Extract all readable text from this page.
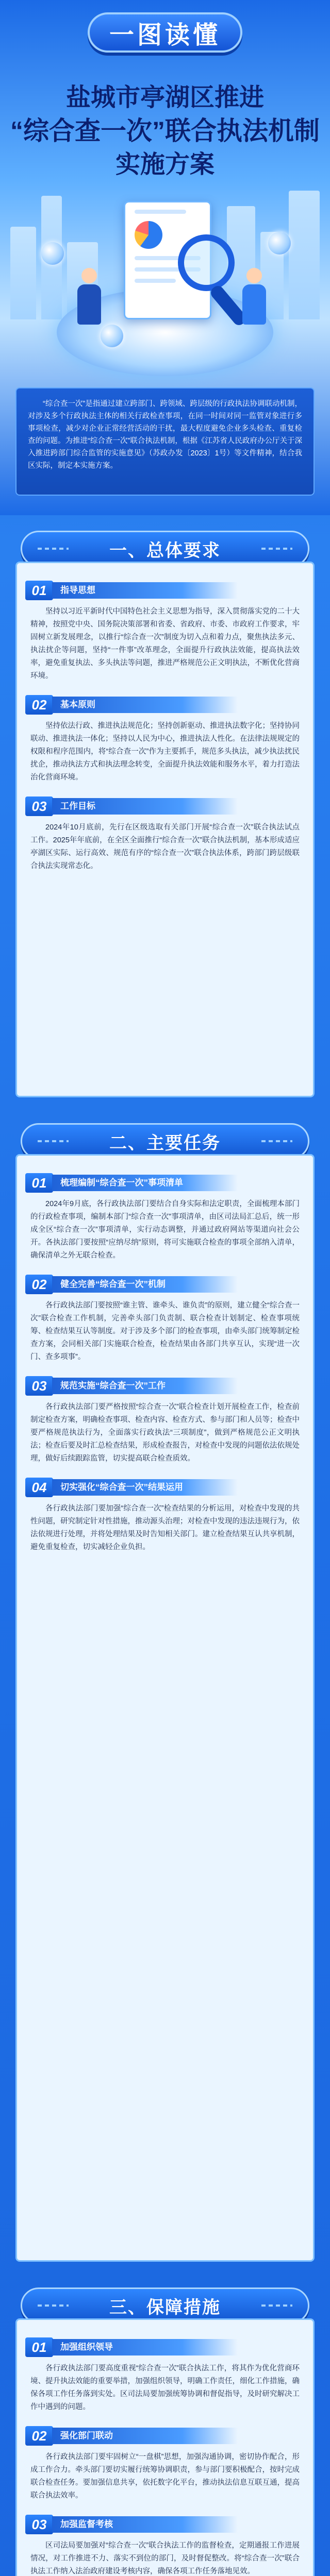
一图读懂
盐城市亭湖区推进
“综合查一次”联合执法机制
实施方案

“综合查一次”是指通过建立跨部门、跨领域、跨层级的行政执法协调联动机制，对涉及多个行政执法主体的相关行政检查事项，在同一时间对同一监管对象进行多事项检查，减少对企业正常经营活动的干扰，最大程度避免企业多头检查、重复检查的问题。为推进“综合查一次”联合执法机制，根据《江苏省人民政府办公厅关于深入推进跨部门综合监管的实施意见》（苏政办发〔2023〕1号）等文件精神，结合我区实际，制定本实施方案。

一、总体要求
01	指导思想

坚持以习近平新时代中国特色社会主义思想为指导，深入贯彻落实党的二十大精神，按照党中央、国务院决策部署和省委、省政府、市委、市政府工作要求，牢固树立新发展理念，以推行“综合查一次”制度为切入点和着力点，聚焦执法多元、执法扰企等问题，坚持“一件事”改革理念，全面提升行政执法效能，提高执法效率，避免重复执法、多头执法等问题，推进严格规范公正文明执法，不断优化营商环境。

02	基本原则

坚持依法行政、推进执法规范化；坚持创新驱动、推进执法数字化；坚持协同联动、推进执法一体化；坚持以人民为中心，推进执法人性化。在法律法规规定的权限和程序范围内，将“综合查一次”作为主要抓手，规范多头执法，减少执法扰民扰企，推动执法方式和执法理念转变，全面提升执法效能和服务水平，着力打造法治化营商环境。

03	工作目标

2024年10月底前，先行在区级选取有关部门开展“综合查一次”联合执法试点工作。2025年年底前，在全区全面推行“综合查一次”联合执法机制，基本形成适应亭湖区实际、运行高效、规范有序的“综合查一次”联合执法体系，跨部门跨层级联合执法实现常态化。

二、主要任务
01	梳理编制“综合查一次”事项清单

2024年9月底，各行政执法部门要结合自身实际和法定职责，全面梳理本部门的行政检查事项，编制本部门“综合查一次”事项清单，由区司法局汇总后，统一形成全区“综合查一次”事项清单，实行动态调整，并通过政府网站等渠道向社会公开。各执法部门要按照“应纳尽纳”原则，将可实施联合检查的事项全部纳入清单，确保清单之外无联合检查。

02	健全完善“综合查一次”机制

各行政执法部门要按照“谁主管、谁牵头、谁负责”的原则，建立健全“综合查一次”联合检查工作机制，完善牵头部门负责制、联合检查计划制定、检查事项统筹、检查结果互认等制度。对于涉及多个部门的检查事项，由牵头部门统筹制定检查方案，会同相关部门实施联合检查，检查结果由各部门共享互认，实现“进一次门、查多项事”。

03	规范实施“综合查一次”工作

各行政执法部门要严格按照“综合查一次”联合检查计划开展检查工作，检查前制定检查方案，明确检查事项、检查内容、检查方式、参与部门和人员等；检查中要严格规范执法行为，全面落实行政执法“三项制度”，做到严格规范公正文明执法；检查后要及时汇总检查结果，形成检查报告，对检查中发现的问题依法依规处理，做好后续跟踪监管，切实提高联合检查质效。

04	切实强化“综合查一次”结果运用

各行政执法部门要加强“综合查一次”检查结果的分析运用，对检查中发现的共性问题，研究制定针对性措施，推动源头治理；对检查中发现的违法违规行为，依法依规进行处理，并将处理结果及时告知相关部门。建立检查结果互认共享机制，避免重复检查，切实减轻企业负担。

三、保障措施
01	加强组织领导

各行政执法部门要高度重视“综合查一次”联合执法工作，将其作为优化营商环境、提升执法效能的重要举措，加强组织领导，明确工作责任，细化工作措施，确保各项工作任务落到实处。区司法局要加强统筹协调和督促指导，及时研究解决工作中遇到的问题。

02	强化部门联动

各行政执法部门要牢固树立“一盘棋”思想，加强沟通协调，密切协作配合，形成工作合力。牵头部门要切实履行统筹协调职责，参与部门要积极配合，按时完成联合检查任务。要加强信息共享，依托数字化平台，推动执法信息互联互通，提高联合执法效率。

03	加强监督考核

区司法局要加强对“综合查一次”联合执法工作的监督检查，定期通报工作进展情况，对工作推进不力、落实不到位的部门，及时督促整改。将“综合查一次”联合执法工作纳入法治政府建设考核内容，确保各项工作任务落地见效。
